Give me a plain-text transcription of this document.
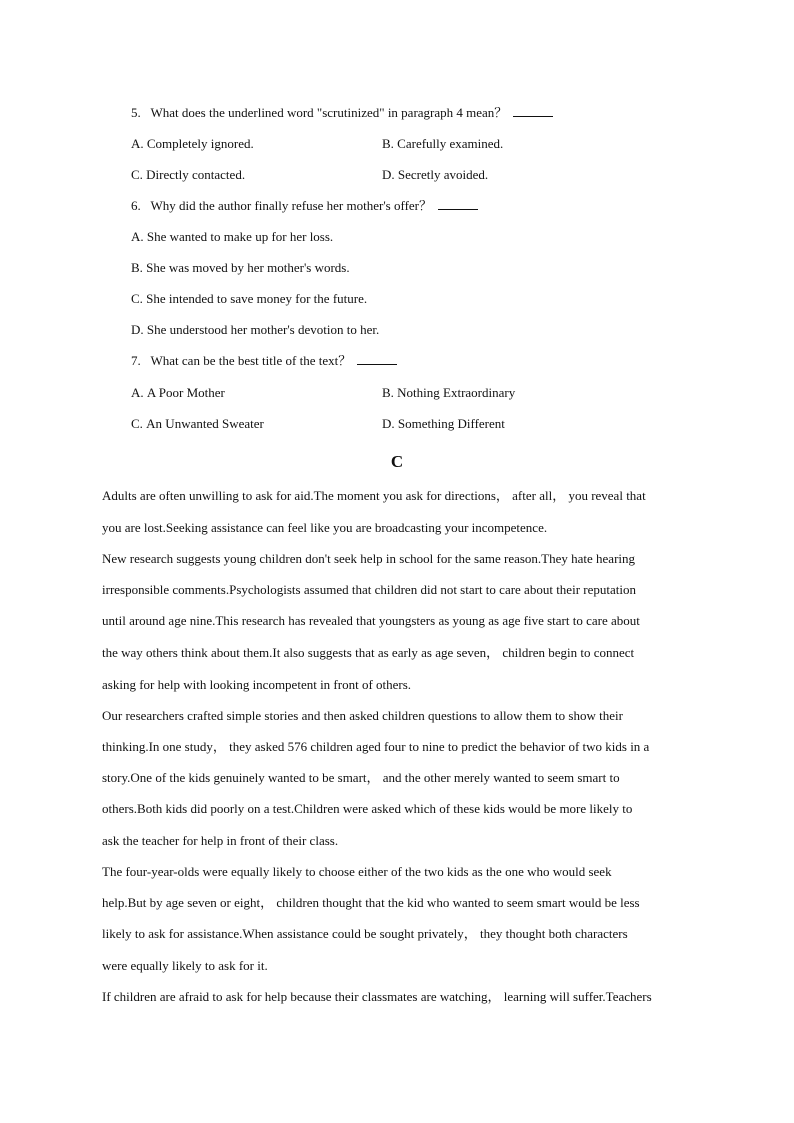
5.   What does the underlined word "scrutinized" in paragraph 4 mean？
A. Completely ignored.	B. Carefully examined.
C. Directly contacted.	D. Secretly avoided.
6.   Why did the author finally refuse her mother's offer？
A. She wanted to make up for her loss.
B. She was moved by her mother's words.
C. She intended to save money for the future.
D. She understood her mother's devotion to her.
7.   What can be the best title of the text？
A. A Poor Mother	B. Nothing Extraordinary
C. An Unwanted Sweater	D. Something Different
C
Adults are often unwilling to ask for aid.The moment you ask for directions， after all， you reveal that
you are lost.Seeking assistance can feel like you are broadcasting your incompetence.
New research suggests young children don't seek help in school for the same reason.They hate hearing
irresponsible comments.Psychologists assumed that children did not start to care about their reputation
until around age nine.This research has revealed that youngsters as young as age five start to care about
the way others think about them.It also suggests that as early as age seven， children begin to connect
asking for help with looking incompetent in front of others.
Our researchers crafted simple stories and then asked children questions to allow them to show their
thinking.In one study， they asked 576 children aged four to nine to predict the behavior of two kids in a
story.One of the kids genuinely wanted to be smart， and the other merely wanted to seem smart to
others.Both kids did poorly on a test.Children were asked which of these kids would be more likely to
ask the teacher for help in front of their class.
The four-year-olds were equally likely to choose either of the two kids as the one who would seek
help.But by age seven or eight， children thought that the kid who wanted to seem smart would be less
likely to ask for assistance.When assistance could be sought privately， they thought both characters
were equally likely to ask for it.
If children are afraid to ask for help because their classmates are watching， learning will suffer.Teachers
